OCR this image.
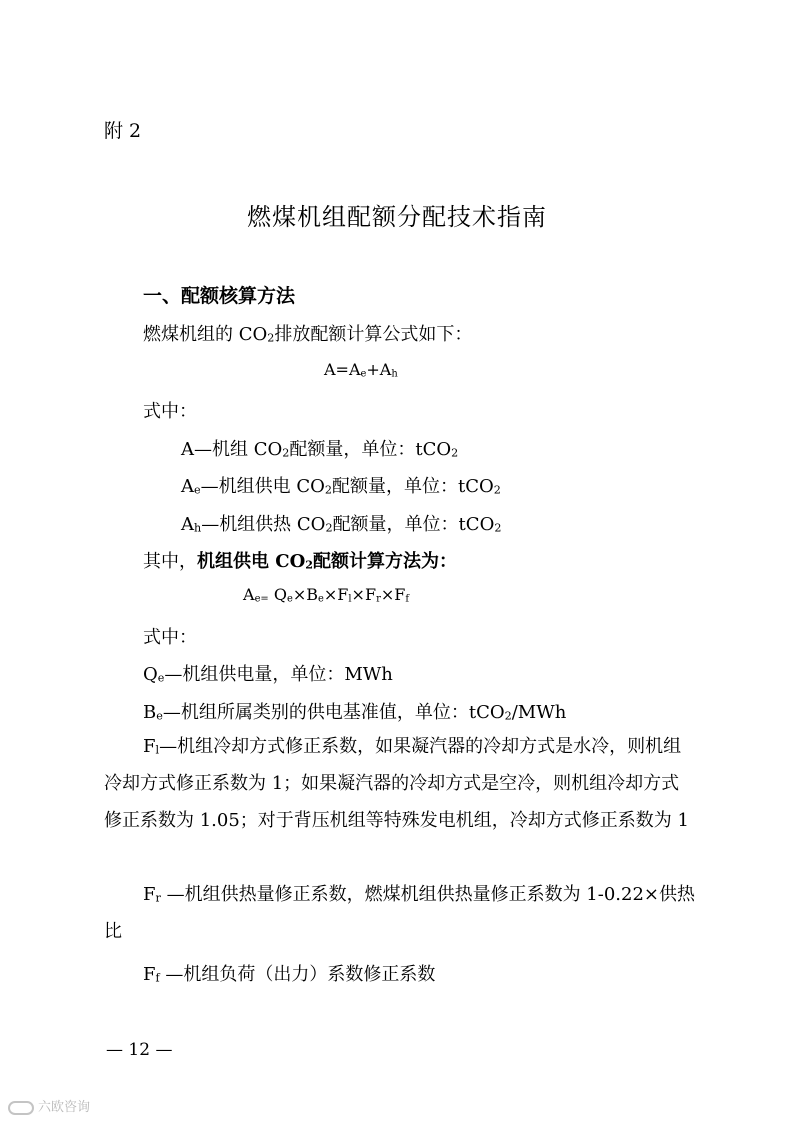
附 2
燃煤机组配额分配技术指南
一、配额核算方法
燃煤机组的 $CO_2$排放配额计算公式如下：
$A=A_e+A_h$
式中：
A—机组 $CO_2$配额量，单位：tCO$_2$
$A_e—$机组供电 $CO_2$配额量，单位：tCO$_2$
$A_h—$机组供热 $CO_2$配额量，单位：tCO$_2$
其中，机组供电 $CO_2$配额计算方法为：
$A_{e=}$ $Q_e\times B_e\times F_l\times F_r\times F_f$
式中：
$Q_e—$机组供电量，单位：MWh
$B_e—$机组所属类别的供电基准值，单位：tCO$_2$/MWh
$F_l—$机组冷却方式修正系数，如果凝汽器的冷却方式是水冷，则机组冷却方式修正系数为 1；如果凝汽器的冷却方式是空冷，则机组冷却方式修正系数为 1.05；对于背压机组等特殊发电机组，冷却方式修正系数为 1
$F_r$ —机组供热量修正系数，燃煤机组供热量修正系数为 1-0.22×供热比
$F_f$ —机组负荷（出力）系数修正系数
— 12 —
六欧咨询
